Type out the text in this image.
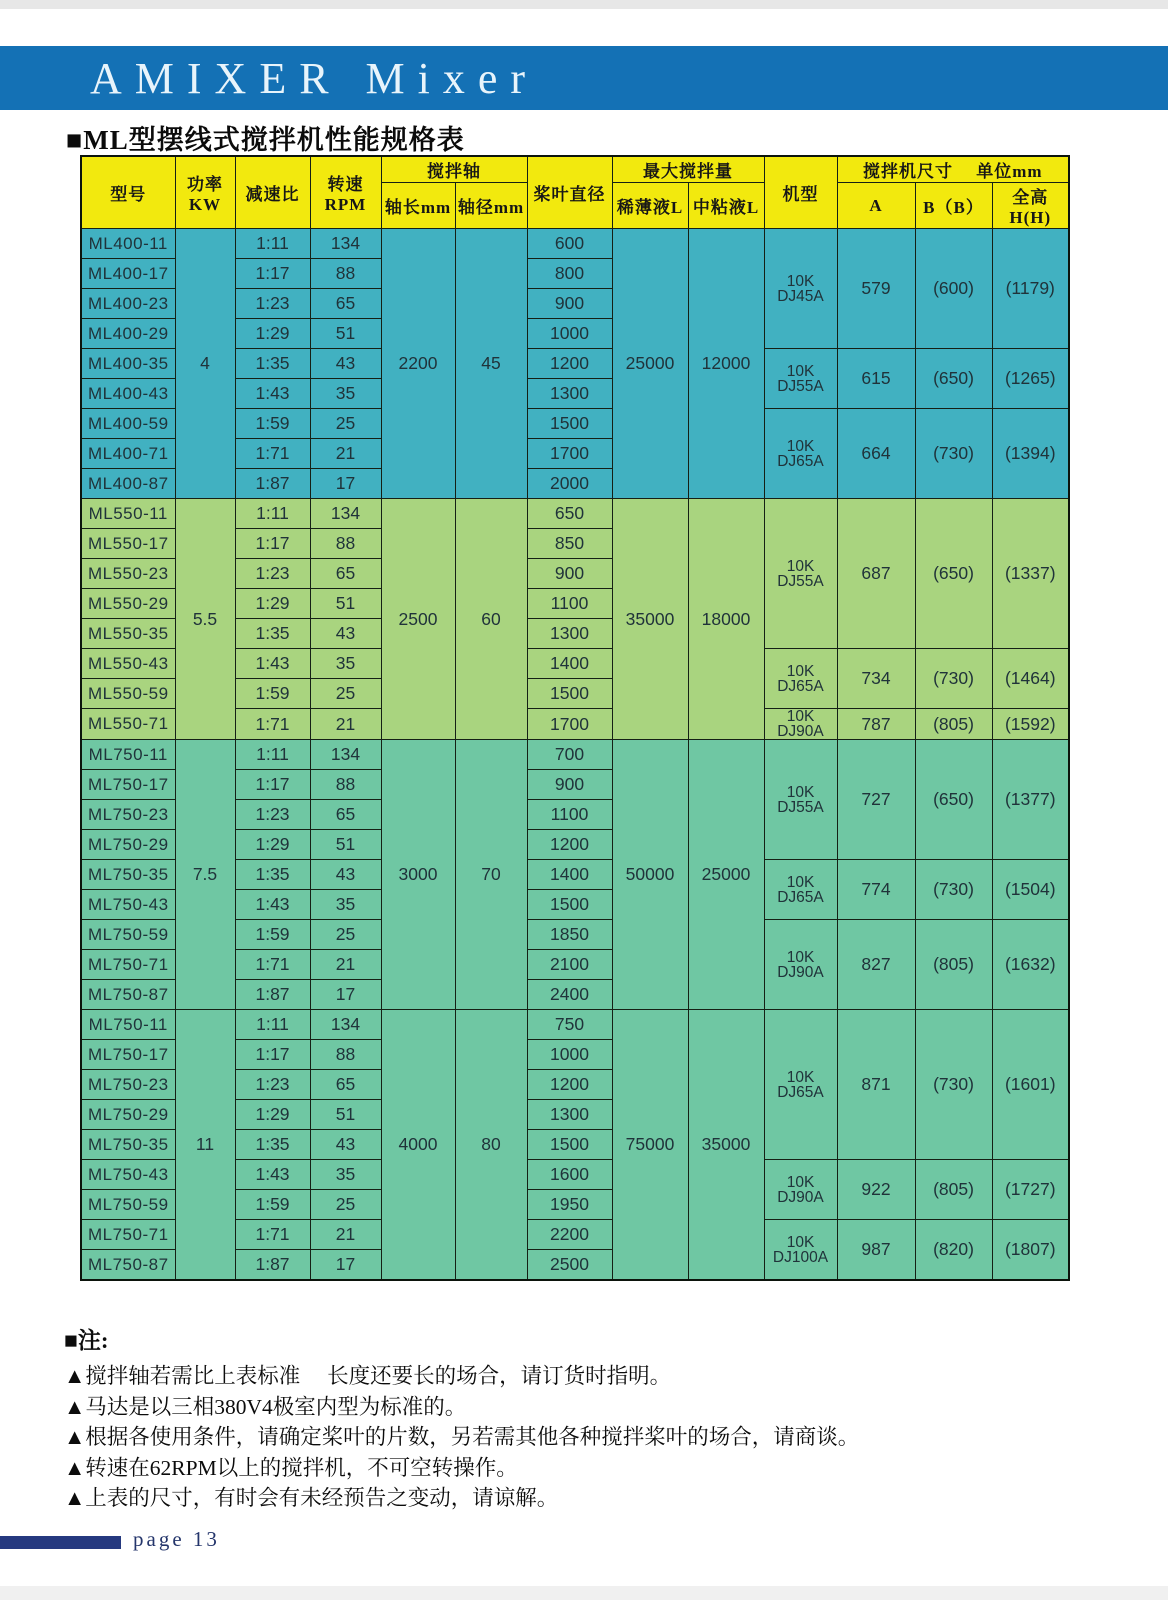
AMIXER Mixer
■ML型摆线式搅拌机性能规格表
型号	功率KW	减速比	转速RPM	搅拌轴		桨叶直径	最大搅拌量		机型	搅拌机尺寸　 单位mm		
				轴长mm	轴径mm		稀薄液L	中粘液L		A	B（B）	全高
H(H)

ML400-11	4	1:11	134	2200	45	600	25000	12000	10K
DJ45A	579	(600)	(1179)
ML400-17		1:17	88			800						
ML400-23		1:23	65			900						
ML400-29		1:29	51			1000						
ML400-35		1:35	43			1200			10K
DJ55A	615	(650)	(1265)
ML400-43		1:43	35			1300						
ML400-59		1:59	25			1500			10K
DJ65A	664	(730)	(1394)
ML400-71		1:71	21			1700						
ML400-87		1:87	17			2000						
ML550-11	5.5	1:11	134	2500	60	650	35000	18000	10K
DJ55A	687	(650)	(1337)
ML550-17		1:17	88			850						
ML550-23		1:23	65			900						
ML550-29		1:29	51			1100						
ML550-35		1:35	43			1300						
ML550-43		1:43	35			1400			10K
DJ65A	734	(730)	(1464)
ML550-59		1:59	25			1500						
ML550-71		1:71	21			1700			10K
DJ90A	787	(805)	(1592)
ML750-11	7.5	1:11	134	3000	70	700	50000	25000	10K
DJ55A	727	(650)	(1377)
ML750-17		1:17	88			900						
ML750-23		1:23	65			1100						
ML750-29		1:29	51			1200						
ML750-35		1:35	43			1400			10K
DJ65A	774	(730)	(1504)
ML750-43		1:43	35			1500						
ML750-59		1:59	25			1850			10K
DJ90A	827	(805)	(1632)
ML750-71		1:71	21			2100						
ML750-87		1:87	17			2400						
ML750-11	11	1:11	134	4000	80	750	75000	35000	10K
DJ65A	871	(730)	(1601)
ML750-17		1:17	88			1000						
ML750-23		1:23	65			1200						
ML750-29		1:29	51			1300						
ML750-35		1:35	43			1500						
ML750-43		1:43	35			1600			10K
DJ90A	922	(805)	(1727)
ML750-59		1:59	25			1950						
ML750-71		1:71	21			2200			10K
DJ100A	987	(820)	(1807)
ML750-87		1:87	17			2500						
■注:
▲搅拌轴若需比上表标准　 长度还要长的场合，请订货时指明。
▲马达是以三相380V4极室内型为标准的。
▲根据各使用条件，请确定桨叶的片数，另若需其他各种搅拌桨叶的场合，请商谈。
▲转速在62RPM以上的搅拌机，不可空转操作。
▲上表的尺寸，有时会有未经预告之变动，请谅解。
page 13
